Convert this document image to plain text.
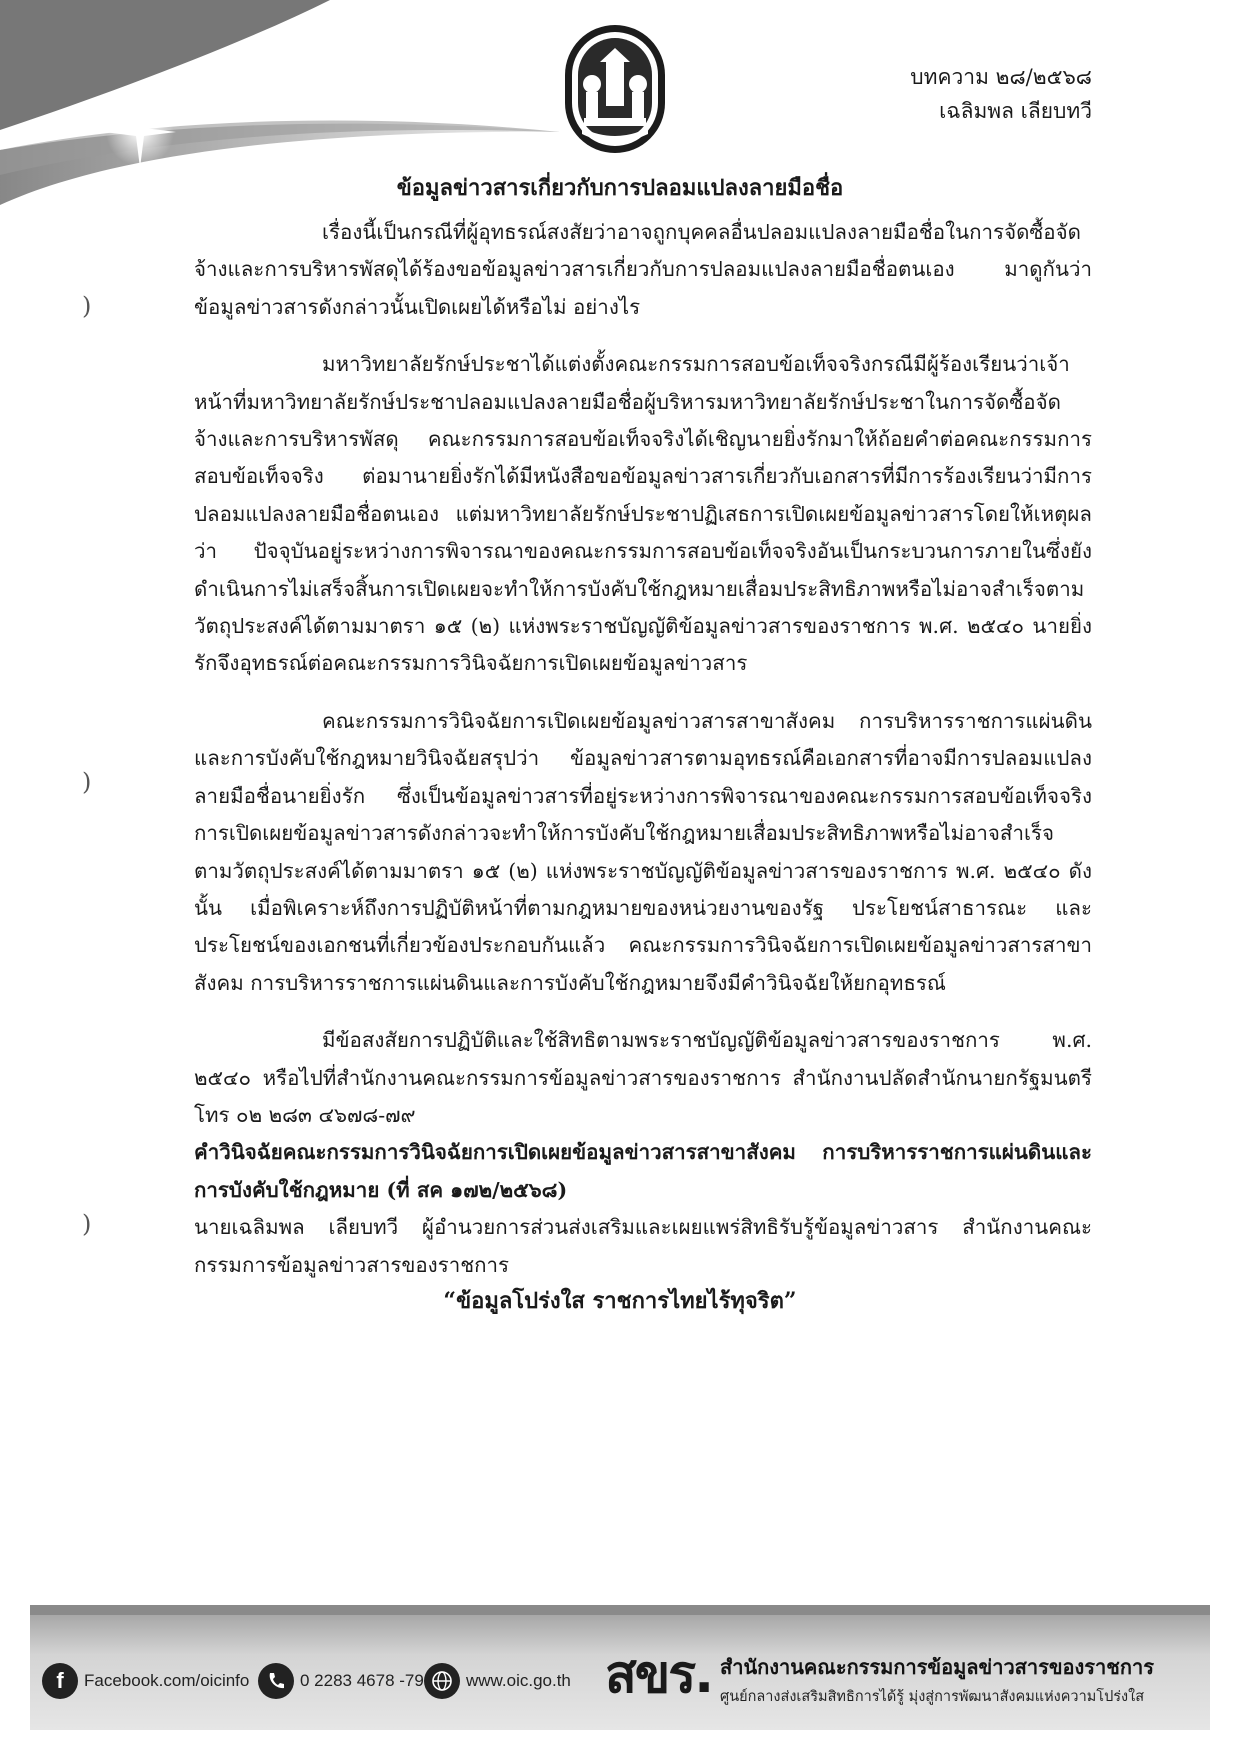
บทความ ๒๘/๒๕๖๘
เฉลิมพล เลียบทวี
ข้อมูลข่าวสารเกี่ยวกับการปลอมแปลงลายมือชื่อ

เรื่องนี้เป็นกรณีที่ผู้อุทธรณ์สงสัยว่าอาจถูกบุคคลอื่นปลอมแปลงลายมือชื่อในการจัดซื้อจัดจ้างและการบริหารพัสดุได้ร้องขอข้อมูลข่าวสารเกี่ยวกับการปลอมแปลงลายมือชื่อตนเอง มาดูกันว่าข้อมูลข่าวสารดังกล่าวนั้นเปิดเผยได้หรือไม่ อย่างไร

มหาวิทยาลัยรักษ์ประชาได้แต่งตั้งคณะกรรมการสอบข้อเท็จจริงกรณีมีผู้ร้องเรียนว่าเจ้าหน้าที่มหาวิทยาลัยรักษ์ประชาปลอมแปลงลายมือชื่อผู้บริหารมหาวิทยาลัยรักษ์ประชาในการจัดซื้อจัดจ้างและการบริหารพัสดุ คณะกรรมการสอบข้อเท็จจริงได้เชิญนายยิ่งรักมาให้ถ้อยคำต่อคณะกรรมการสอบข้อเท็จจริง ต่อมานายยิ่งรักได้มีหนังสือขอข้อมูลข่าวสารเกี่ยวกับเอกสารที่มีการร้องเรียนว่ามีการปลอมแปลงลายมือชื่อตนเอง แต่มหาวิทยาลัยรักษ์ประชาปฏิเสธการเปิดเผยข้อมูลข่าวสารโดยให้เหตุผลว่า ปัจจุบันอยู่ระหว่างการพิจารณาของคณะกรรมการสอบข้อเท็จจริงอันเป็นกระบวนการภายในซึ่งยังดำเนินการไม่เสร็จสิ้นการเปิดเผยจะทำให้การบังคับใช้กฎหมายเสื่อมประสิทธิภาพหรือไม่อาจสำเร็จตามวัตถุประสงค์ได้ตามมาตรา ๑๕ (๒) แห่งพระราชบัญญัติข้อมูลข่าวสารของราชการ พ.ศ. ๒๕๔๐ นายยิ่งรักจึงอุทธรณ์ต่อคณะกรรมการวินิจฉัยการเปิดเผยข้อมูลข่าวสาร

คณะกรรมการวินิจฉัยการเปิดเผยข้อมูลข่าวสารสาขาสังคม การบริหารราชการแผ่นดินและการบังคับใช้กฎหมายวินิจฉัยสรุปว่า ข้อมูลข่าวสารตามอุทธรณ์คือเอกสารที่อาจมีการปลอมแปลงลายมือชื่อนายยิ่งรัก ซึ่งเป็นข้อมูลข่าวสารที่อยู่ระหว่างการพิจารณาของคณะกรรมการสอบข้อเท็จจริง การเปิดเผยข้อมูลข่าวสารดังกล่าวจะทำให้การบังคับใช้กฎหมายเสื่อมประสิทธิภาพหรือไม่อาจสำเร็จตามวัตถุประสงค์ได้ตามมาตรา ๑๕ (๒) แห่งพระราชบัญญัติข้อมูลข่าวสารของราชการ พ.ศ. ๒๕๔๐ ดังนั้น เมื่อพิเคราะห์ถึงการปฏิบัติหน้าที่ตามกฎหมายของหน่วยงานของรัฐ ประโยชน์สาธารณะ และประโยชน์ของเอกชนที่เกี่ยวข้องประกอบกันแล้ว คณะกรรมการวินิจฉัยการเปิดเผยข้อมูลข่าวสารสาขาสังคม การบริหารราชการแผ่นดินและการบังคับใช้กฎหมายจึงมีคำวินิจฉัยให้ยกอุทธรณ์

มีข้อสงสัยการปฏิบัติและใช้สิทธิตามพระราชบัญญัติข้อมูลข่าวสารของราชการ พ.ศ. ๒๕๔๐ หรือไปที่สำนักงานคณะกรรมการข้อมูลข่าวสารของราชการ สำนักงานปลัดสำนักนายกรัฐมนตรี โทร ๐๒ ๒๘๓ ๔๖๗๘-๗๙

คำวินิจฉัยคณะกรรมการวินิจฉัยการเปิดเผยข้อมูลข่าวสารสาขาสังคม การบริหารราชการแผ่นดินและการบังคับใช้กฎหมาย (ที่ สค ๑๗๒/๒๕๖๘)

นายเฉลิมพล เลียบทวี ผู้อำนวยการส่วนส่งเสริมและเผยแพร่สิทธิรับรู้ข้อมูลข่าวสาร สำนักงานคณะกรรมการข้อมูลข่าวสารของราชการ

“ข้อมูลโปร่งใส ราชการไทยไร้ทุจริต”
)
)
)
f	Facebook.com/oicinfo	0 2283 4678 -79 www.oic.go.th สขร. สำนักงานคณะกรรมการข้อมูลข่าวสารของราชการ
ศูนย์กลางส่งเสริมสิทธิการได้รู้ มุ่งสู่การพัฒนาสังคมแห่งความโปร่งใส
